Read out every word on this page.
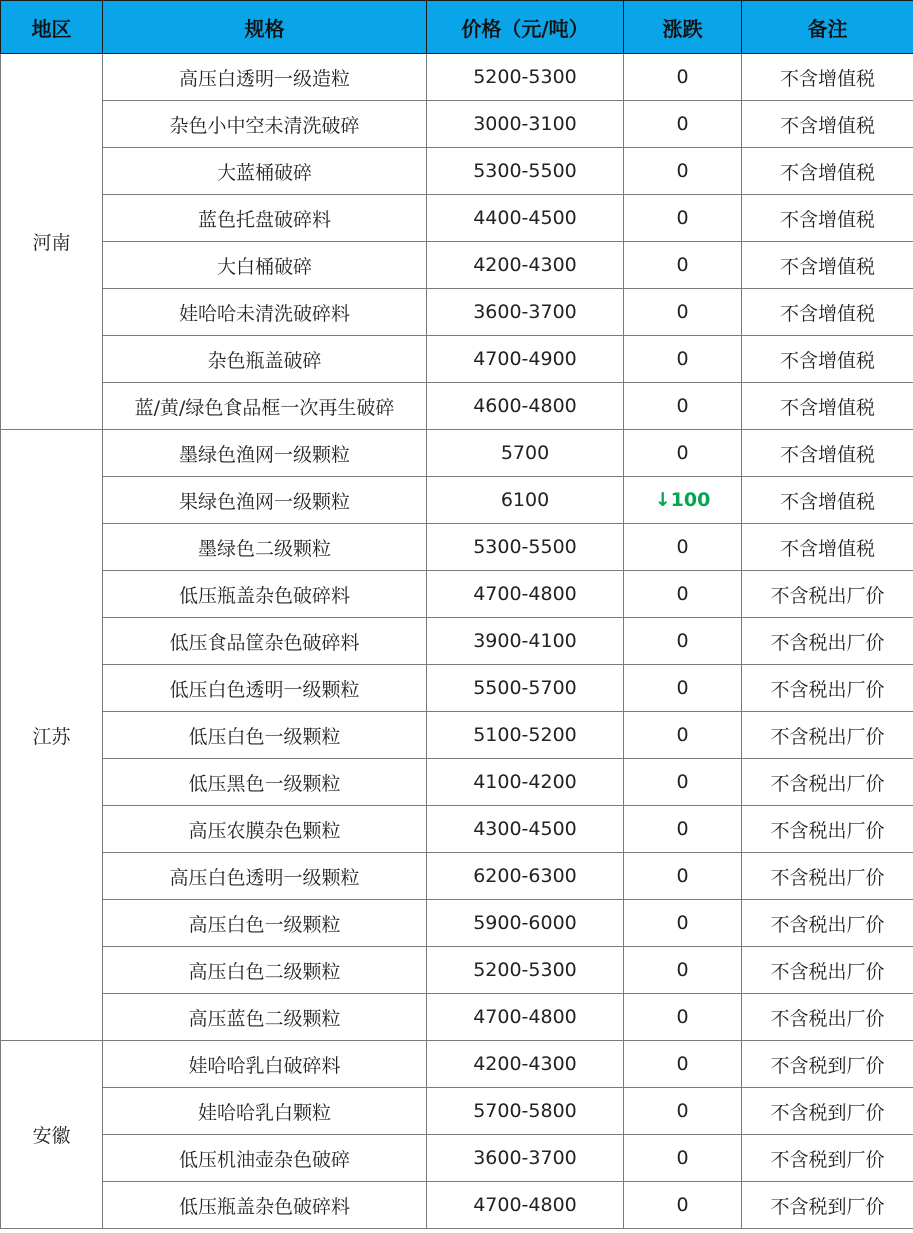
地区	规格	价格（元/吨）	涨跌	备注
河南	高压白透明一级造粒	5200-5300	0	不含增值税
	杂色小中空未清洗破碎	3000-3100	0	不含增值税
	大蓝桶破碎	5300-5500	0	不含增值税
	蓝色托盘破碎料	4400-4500	0	不含增值税
	大白桶破碎	4200-4300	0	不含增值税
	娃哈哈未清洗破碎料	3600-3700	0	不含增值税
	杂色瓶盖破碎	4700-4900	0	不含增值税
	蓝/黄/绿色食品框一次再生破碎	4600-4800	0	不含增值税
江苏	墨绿色渔网一级颗粒	5700	0	不含增值税
	果绿色渔网一级颗粒	6100	↓100	不含增值税
	墨绿色二级颗粒	5300-5500	0	不含增值税
	低压瓶盖杂色破碎料	4700-4800	0	不含税出厂价
	低压食品筐杂色破碎料	3900-4100	0	不含税出厂价
	低压白色透明一级颗粒	5500-5700	0	不含税出厂价
	低压白色一级颗粒	5100-5200	0	不含税出厂价
	低压黑色一级颗粒	4100-4200	0	不含税出厂价
	高压农膜杂色颗粒	4300-4500	0	不含税出厂价
	高压白色透明一级颗粒	6200-6300	0	不含税出厂价
	高压白色一级颗粒	5900-6000	0	不含税出厂价
	高压白色二级颗粒	5200-5300	0	不含税出厂价
	高压蓝色二级颗粒	4700-4800	0	不含税出厂价
安徽	娃哈哈乳白破碎料	4200-4300	0	不含税到厂价
	娃哈哈乳白颗粒	5700-5800	0	不含税到厂价
	低压机油壶杂色破碎	3600-3700	0	不含税到厂价
	低压瓶盖杂色破碎料	4700-4800	0	不含税到厂价
